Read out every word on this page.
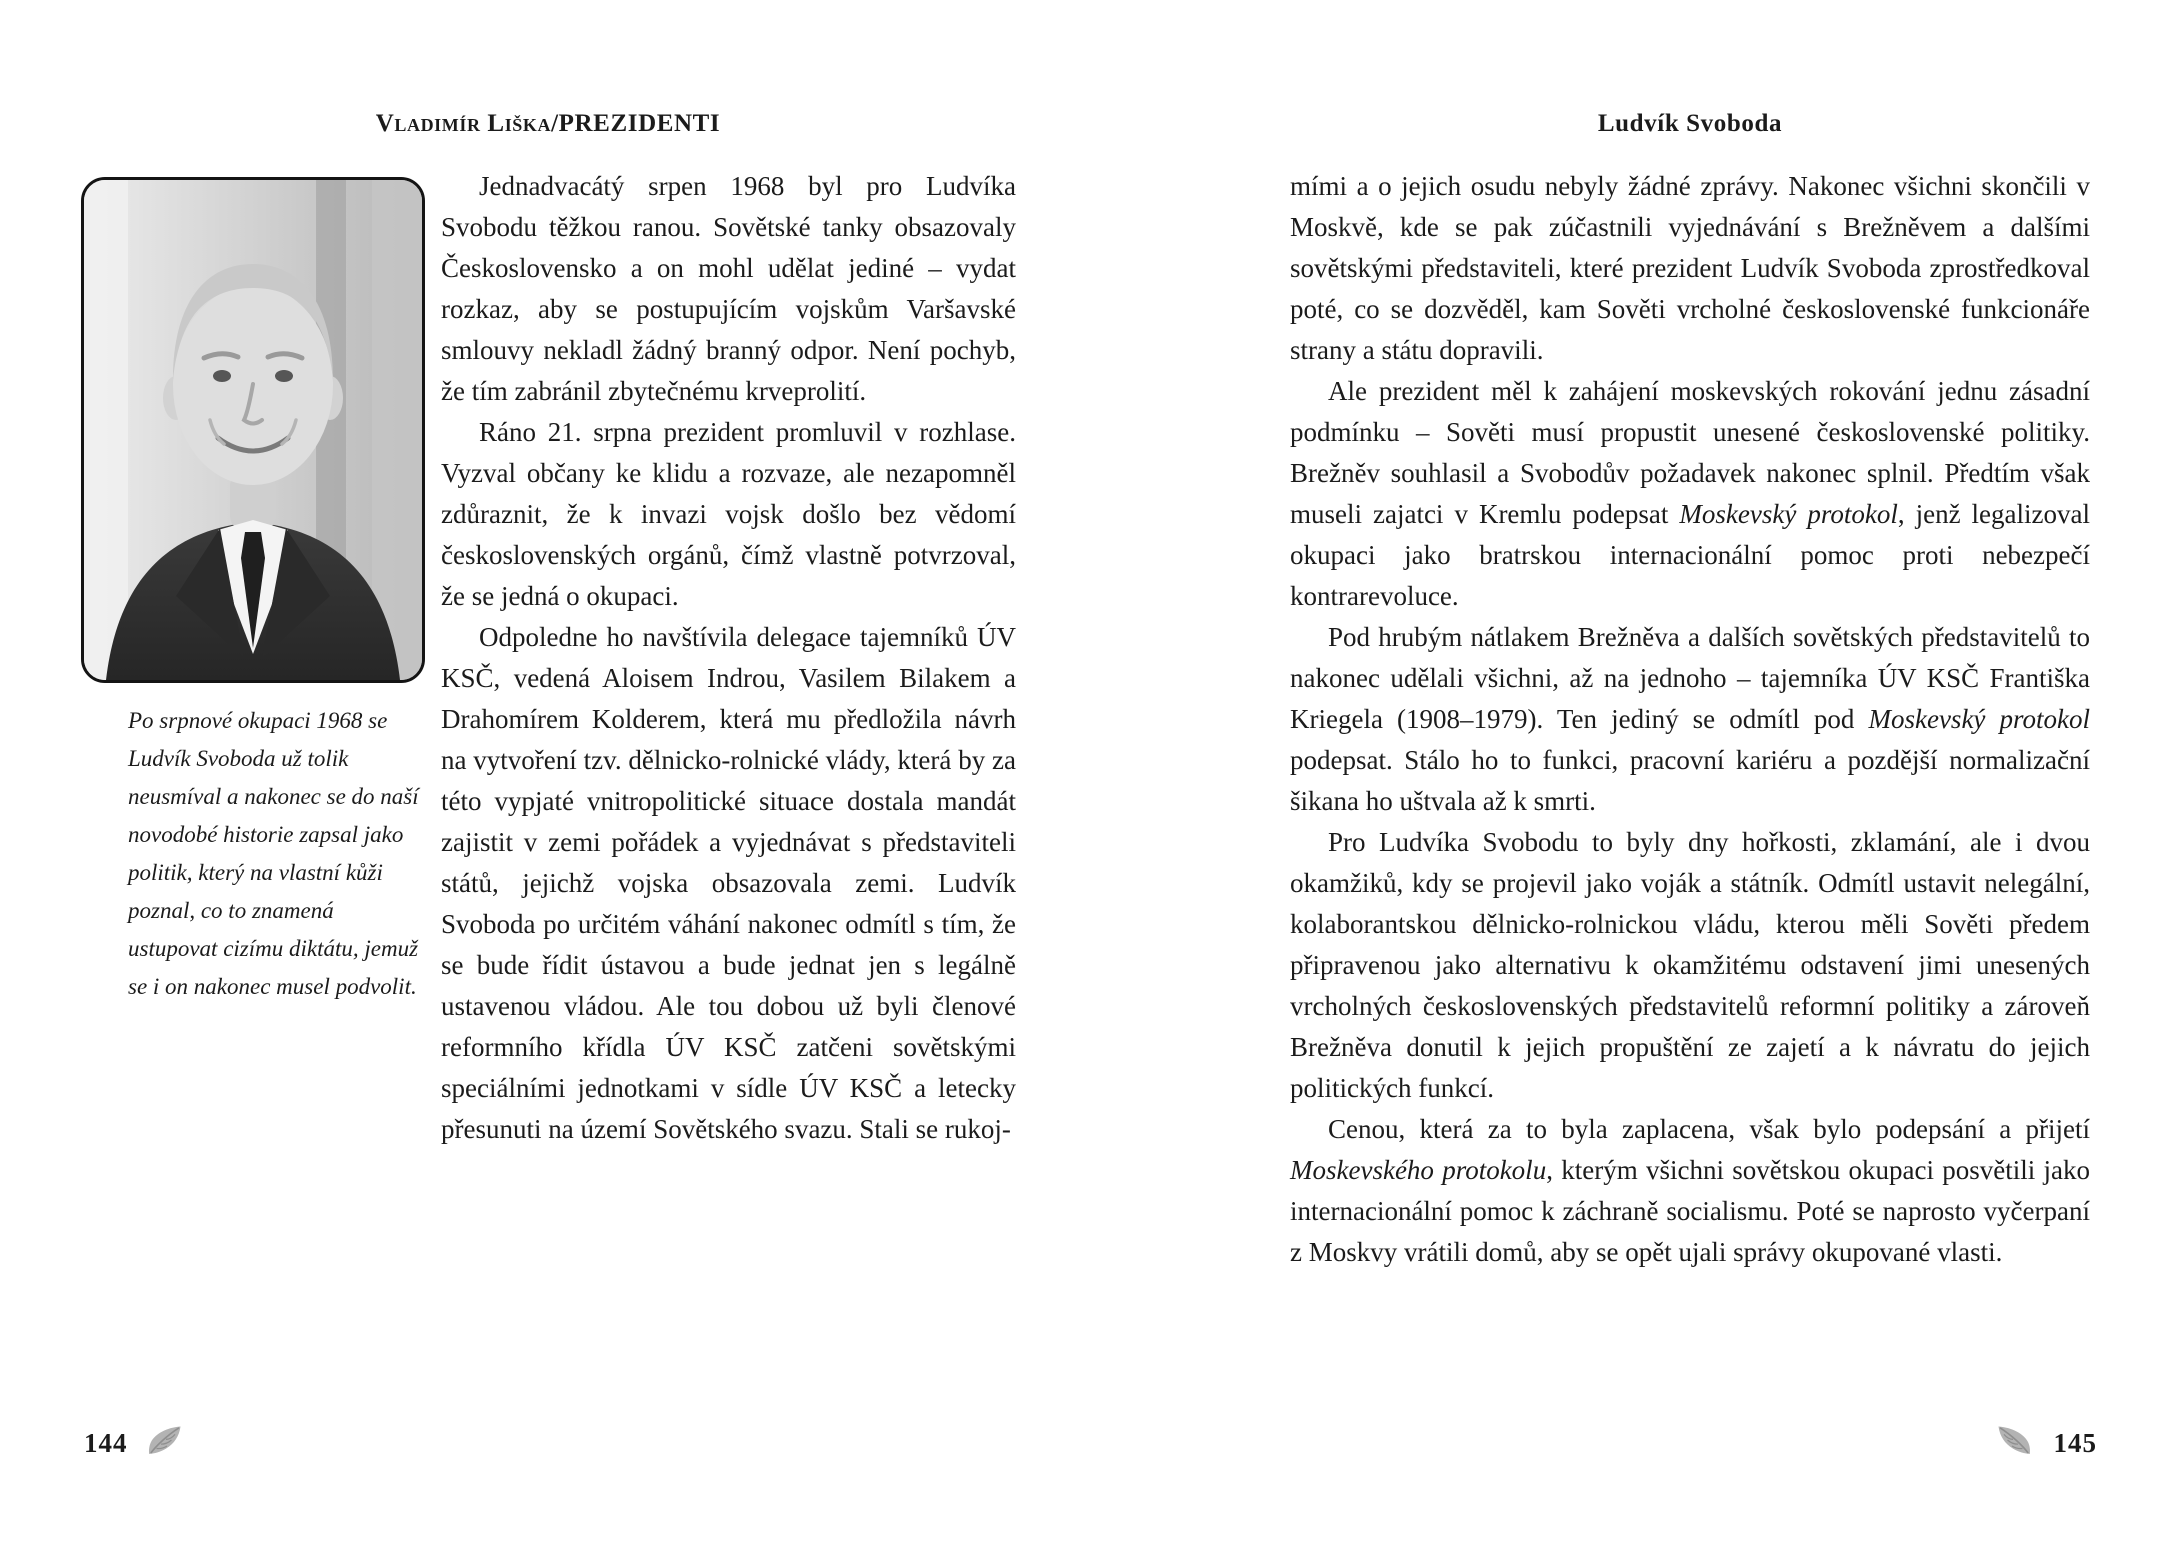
Vladimír Liška/PREZIDENTI	Ludvík Svoboda
Po srpnové okupaci 1968 se Ludvík Svoboda už tolik neusmíval a nakonec se do naší novodobé historie zapsal jako politik, který na vlastní kůži poznal, co to znamená ustupovat cizímu diktátu, jemuž se i on nakonec musel podvolit.

Jednadvacátý srpen 1968 byl pro Ludvíka Svobodu těžkou ranou. Sovětské tanky obsazovaly Československo a on mohl udělat jediné – vydat rozkaz, aby se postupujícím vojskům Varšavské smlouvy nekladl žádný branný odpor. Není pochyb, že tím zabránil zbytečnému krveprolití.

Ráno 21. srpna prezident promluvil v rozhlase. Vyzval občany ke klidu a rozvaze, ale nezapomněl zdůraznit, že k invazi vojsk došlo bez vědomí československých orgánů, čímž vlastně potvrzoval, že se jedná o okupaci.

Odpoledne ho navštívila delegace tajemníků ÚV KSČ, vedená Aloisem Indrou, Vasilem Bilakem a Drahomírem Kolderem, která mu předložila návrh na vytvoření tzv. dělnicko-rolnické vlády, která by za této vypjaté vnitropolitické situace dostala mandát zajistit v zemi pořádek a vyjednávat s představiteli států, jejichž vojska obsazovala zemi. Ludvík Svoboda po určitém váhání nakonec odmítl s tím, že se bude řídit ústavou a bude jednat jen s legálně ustavenou vládou. Ale tou dobou už byli členové reformního křídla ÚV KSČ zatčeni sovětskými speciálními jednotkami v sídle ÚV KSČ a letecky přesunuti na území Sovětského svazu. Stali se rukoj-

mími a o jejich osudu nebyly žádné zprávy. Nakonec všichni skončili v Moskvě, kde se pak zúčastnili vyjednávání s Brežněvem a dalšími sovětskými představiteli, které prezident Ludvík Svoboda zprostředkoval poté, co se dozvěděl, kam Sověti vrcholné československé funkcionáře strany a státu dopravili.

Ale prezident měl k zahájení moskevských rokování jednu zásadní podmínku – Sověti musí propustit unesené československé politiky. Brežněv souhlasil a Svobodův požadavek nakonec splnil. Předtím však museli zajatci v Kremlu podepsat Moskevský protokol, jenž legalizoval okupaci jako bratrskou internacionální pomoc proti nebezpečí kontrarevoluce.

Pod hrubým nátlakem Brežněva a dalších sovětských představitelů to nakonec udělali všichni, až na jednoho – tajemníka ÚV KSČ Františka Kriegela (1908–1979). Ten jediný se odmítl pod Moskevský protokol podepsat. Stálo ho to funkci, pracovní kariéru a pozdější normalizační šikana ho uštvala až k smrti.

Pro Ludvíka Svobodu to byly dny hořkosti, zklamání, ale i dvou okamžiků, kdy se projevil jako voják a státník. Odmítl ustavit nelegální, kolaborantskou dělnicko-rolnickou vládu, kterou měli Sověti předem připravenou jako alternativu k okamžitému odstavení jimi unesených vrcholných československých představitelů reformní politiky a zároveň Brežněva donutil k jejich propuštění ze zajetí a k návratu do jejich politických funkcí.

Cenou, která za to byla zaplacena, však bylo podepsání a přijetí Moskevského protokolu, kterým všichni sovětskou okupaci posvětili jako internacionální pomoc k záchraně socialismu. Poté se naprosto vyčerpaní z Moskvy vrátili domů, aby se opět ujali správy okupované vlasti.

144	145
